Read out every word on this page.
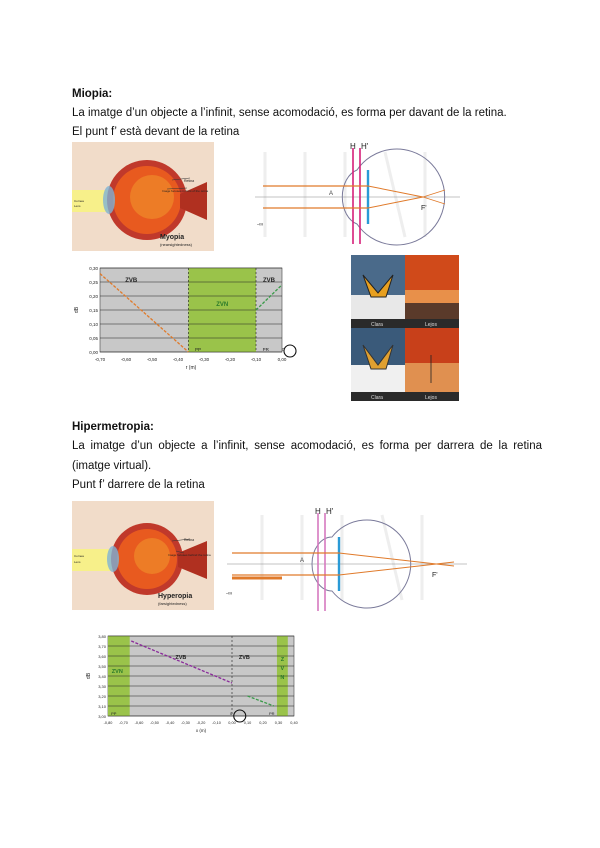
Miopia:
La imatge d’un objecte a l’infinit, sense acomodació, es forma per davant de la retina.
El punt f’ està devant de la retina
Retina
Image focuses in front of the retina
Cornea
Lens
Myopia
(nearsightedness)
H H'
A
F'
-∞
0,30
0,25
0,20
0,15
0,10
0,05
0,00
-0,70	-0,60	-0,50	-0,40	-0,30	-0,20	-0,10	0,00
ZVB
ZVN
ZVB
PP	PR	0
r (m)
dB
Clara	Lejos
Clara	Lejos
Hipermetropia:
La imatge d’un objecte a l’infinit, sense acomodació, es forma per darrera de la retina
(imatge virtual).
Punt f’ darrere de la retina
Retina
Image focuses behind the retina
Cornea
Lens
Hyperopia
(farsightedness)
H H'
A
F'
-∞
3,80
3,70
3,60
3,50
3,40
3,30
3,20
3,10
3,00
-0,80 -0,70 -0,60 -0,50 -0,40 -0,30 -0,20 -0,10 0,00 0,10 0,20 0,30 0,40
ZVN
ZVB	ZVB	Z
V
N
PP	0	PR
x (m)
dB
